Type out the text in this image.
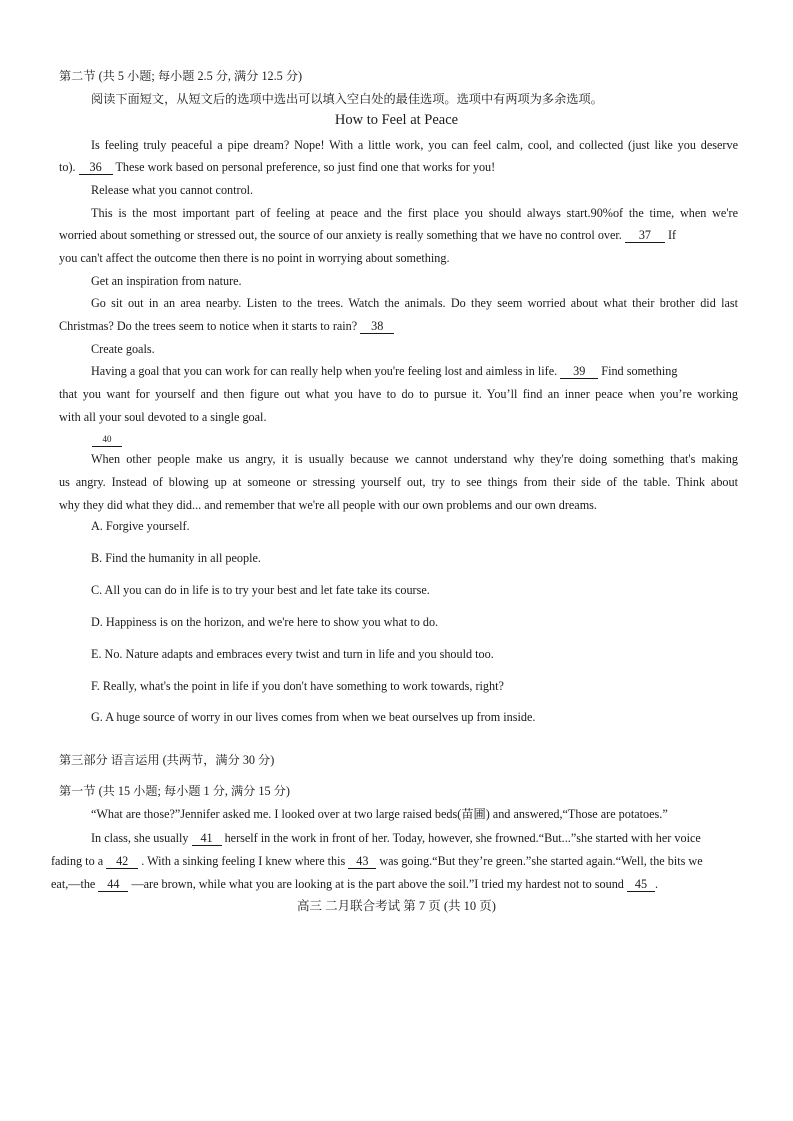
第二节 (共 5 小题; 每小题 2.5 分, 满分 12.5 分)
阅读下面短文，从短文后的选项中选出可以填入空白处的最佳选项。选项中有两项为多余选项。
How to Feel at Peace
Is feeling truly peaceful a pipe dream? Nope! With a little work, you can feel calm, cool, and collected (just like you deserve
to). 36 These work based on personal preference, so just find one that works for you!
Release what you cannot control.
This is the most important part of feeling at peace and the first place you should always start.90%of the time, when we're
worried about something or stressed out, the source of our anxiety is really something that we have no control over. 37 If
you can't affect the outcome then there is no point in worrying about something.
Get an inspiration from nature.
Go sit out in an area nearby. Listen to the trees. Watch the animals. Do they seem worried about what their brother did last
Christmas? Do the trees seem to notice when it starts to rain? 38
Create goals.
Having a goal that you can work for can really help when you're feeling lost and aimless in life. 39 Find something
that you want for yourself and then figure out what you have to do to pursue it. You’ll find an inner peace when you’re working
with all your soul devoted to a single goal.
40
When other people make us angry, it is usually because we cannot understand why they're doing something that's making
us angry. Instead of blowing up at someone or stressing yourself out, try to see things from their side of the table. Think about
why they did what they did... and remember that we're all people with our own problems and our own dreams.
A. Forgive yourself.
B. Find the humanity in all people.
C. All you can do in life is to try your best and let fate take its course.
D. Happiness is on the horizon, and we're here to show you what to do.
E. No. Nature adapts and embraces every twist and turn in life and you should too.
F. Really, what's the point in life if you don't have something to work towards, right?
G. A huge source of worry in our lives comes from when we beat ourselves up from inside.
第三部分 语言运用 (共两节，满分 30 分)
第一节 (共 15 小题; 每小题 1 分, 满分 15 分)
“What are those?”Jennifer asked me. I looked over at two large raised beds(苗圃) and answered,“Those are potatoes.”
In class, she usually 41 herself in the work in front of her. Today, however, she frowned.“But...”she started with her voice
fading to a 42 . With a sinking feeling I knew where this 43 was going.“But they’re green.”she started again.“Well, the bits we
eat,—the 44 —are brown, while what you are looking at is the part above the soil.”I tried my hardest not to sound 45 .
高三 二月联合考试 第 7 页 (共 10 页)
